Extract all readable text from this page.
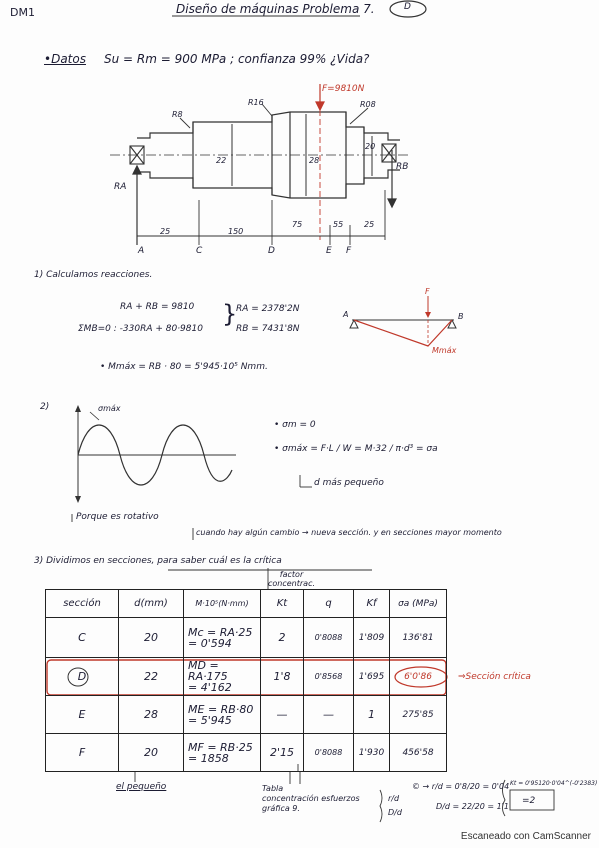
DM1	Diseño de máquinas Problema 7.	D
•Datos Su = Rm = 900 MPa ; confianza 99% ¿Vida?
F=9810N
R8
R16	R08
22	28
20
RA
RB
25	150
75	55	25
A	C	D	E F
1) Calculamos reacciones.
RA + RB = 9810
ΣMB=0 : -330RA + 80·9810
}
RA = 2378'2N
RB = 7431'8N
• Mmáx = RB · 80 = 5'945·10⁵ Nmm.
A	B
F
Mmáx
2)	σmáx
• σm = 0
• σmáx = F·L / W = M·32 / π·d³ = σa
d más pequeño
Porque es rotativo
cuando hay algún cambio → nueva sección. y en secciones mayor momento
3) Dividimos en secciones, para saber cuál es la crítica
factor
concentrac.
sección	d(mm)	M·10⁵(N·mm)	Kt	q	Kf	σa (MPa)
C	20	Mc = RA·25
= 0'594	2	0'8088	1'809	136'81
D	22	MD = RA·175
= 4'162	1'8	0'8568	1'695	6'0'86
E	28	ME = RB·80
= 5'945	—	—	1	275'85
F	20	MF = RB·25
= 1858	2'15	0'8088	1'930	456'58
⇒Sección crítica
el pequeño	Tabla
concentración esfuerzos
gráfica 9.
r/d
D/d
© → r/d = 0'8/20 = 0'04
D/d = 22/20 = 1'1
Kt = 0'95120·0'04^(-0'2383)
=2
Escaneado con CamScanner
